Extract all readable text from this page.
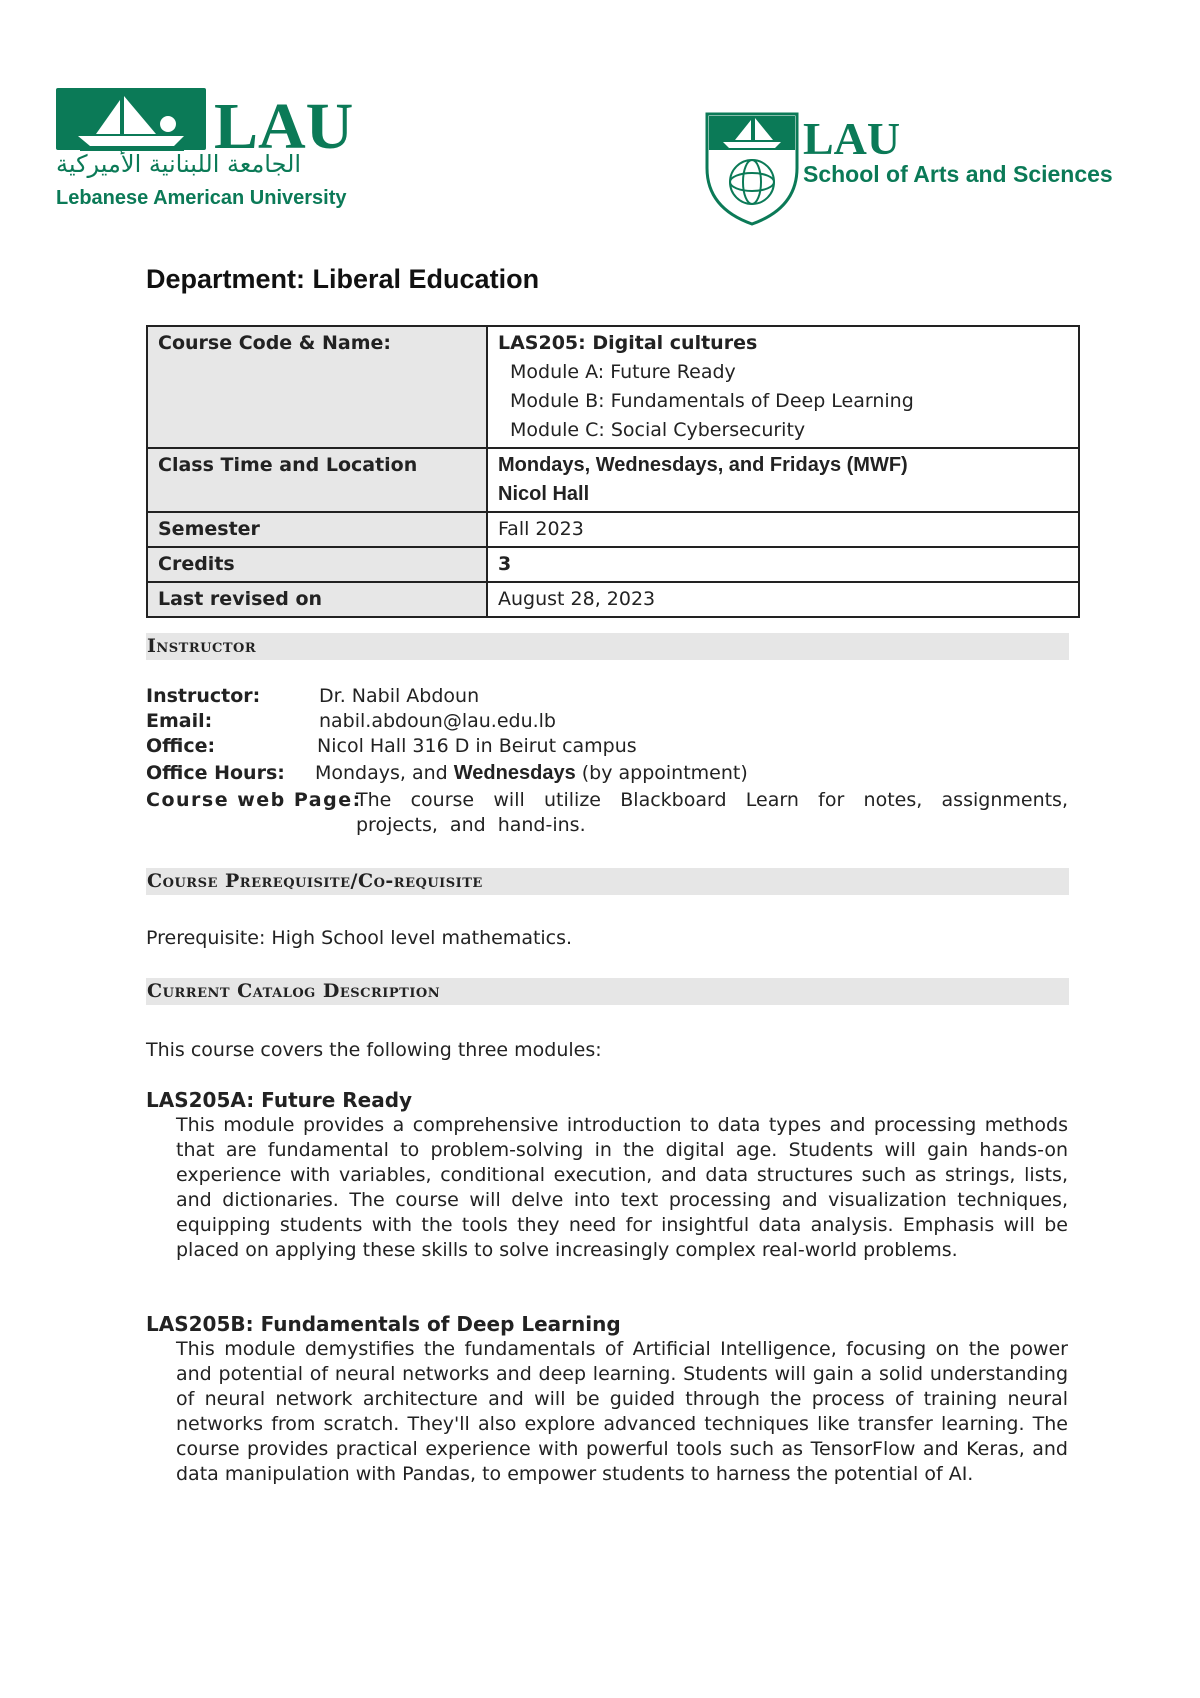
LAU
الجامعة اللبنانية الأميركية
Lebanese American University
LAU
School of Arts and Sciences
Department: Liberal Education
Course Code & Name:	LAS205: Digital cultures
Module A: Future Ready
Module B: Fundamentals of Deep Learning
Module C: Social Cybersecurity

Class Time and Location	Mondays, Wednesdays, and Fridays (MWF)
Nicol Hall

Semester	Fall 2023
Credits	3
Last revised on	August 28, 2023
Instructor
Instructor:	Dr. Nabil Abdoun
Email:	nabil.abdoun@lau.edu.lb
Office:	Nicol Hall 316 D in Beirut campus
Office Hours:	Mondays, and Wednesdays (by appointment)
Course web Page:
The course will utilize Blackboard Learn for notes, assignments, projects, and hand-ins.
Course Prerequisite/Co-requisite
Prerequisite: High School level mathematics.
Current Catalog Description
This course covers the following three modules:
LAS205A: Future Ready
This module provides a comprehensive introduction to data types and processing methods that are fundamental to problem-solving in the digital age. Students will gain hands-on experience with variables, conditional execution, and data structures such as strings, lists, and dictionaries. The course will delve into text processing and visualization techniques, equipping students with the tools they need for insightful data analysis. Emphasis will be placed on applying these skills to solve increasingly complex real-world problems.
LAS205B: Fundamentals of Deep Learning
This module demystifies the fundamentals of Artificial Intelligence, focusing on the power and potential of neural networks and deep learning. Students will gain a solid understanding of neural network architecture and will be guided through the process of training neural networks from scratch. They'll also explore advanced techniques like transfer learning. The course provides practical experience with powerful tools such as TensorFlow and Keras, and data manipulation with Pandas, to empower students to harness the potential of AI.
